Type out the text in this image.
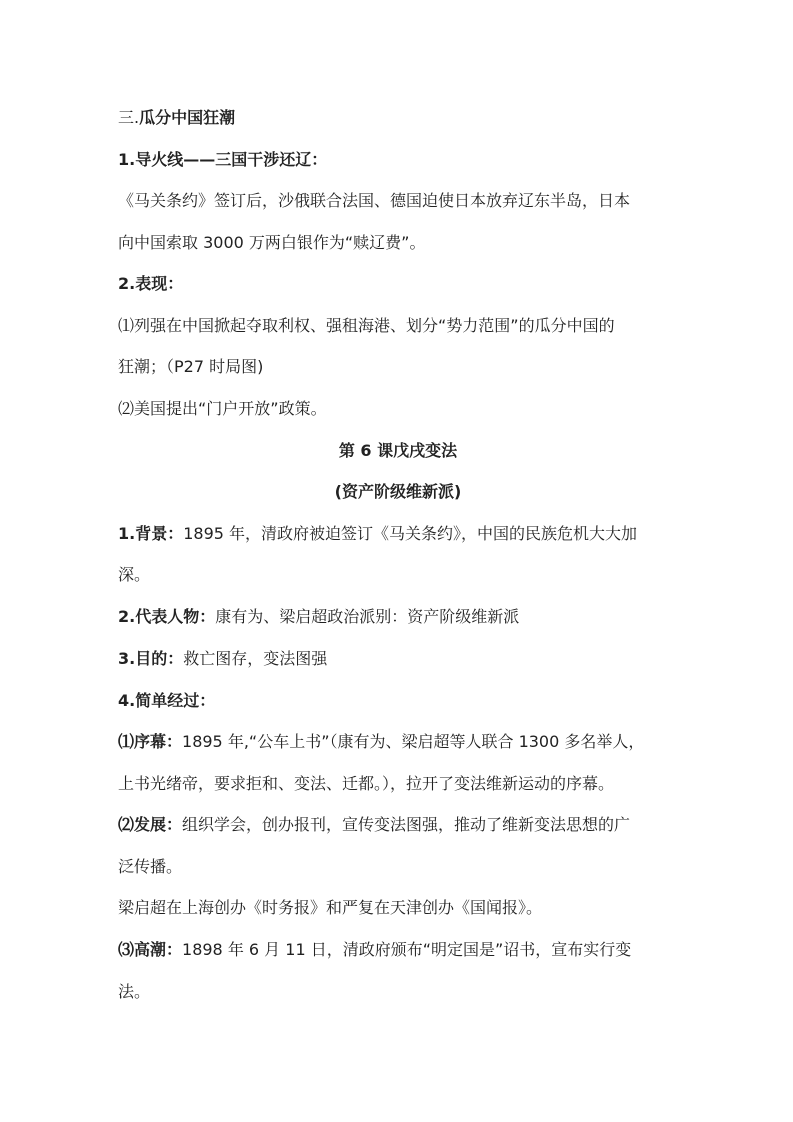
三.瓜分中国狂潮
1.导火线——三国干涉还辽：
《马关条约》签订后，沙俄联合法国、德国迫使日本放弃辽东半岛，日本
向中国索取 3000 万两白银作为“赎辽费”。
2.表现：
⑴列强在中国掀起夺取利权、强租海港、划分“势力范围”的瓜分中国的
狂潮；（P27 时局图)
⑵美国提出“门户开放”政策。
第 6 课戊戌变法
(资产阶级维新派)
1.背景：1895 年，清政府被迫签订《马关条约》，中国的民族危机大大加
深。
2.代表人物：康有为、梁启超政治派别：资产阶级维新派
3.目的：救亡图存，变法图强
4.简单经过：
⑴序幕：1895 年,“公车上书”（康有为、梁启超等人联合 1300 多名举人，
上书光绪帝，要求拒和、变法、迁都。），拉开了变法维新运动的序幕。
⑵发展：组织学会，创办报刊，宣传变法图强，推动了维新变法思想的广
泛传播。
梁启超在上海创办《时务报》和严复在天津创办《国闻报》。
⑶高潮：1898 年 6 月 11 日，清政府颁布“明定国是”诏书，宣布实行变
法。
